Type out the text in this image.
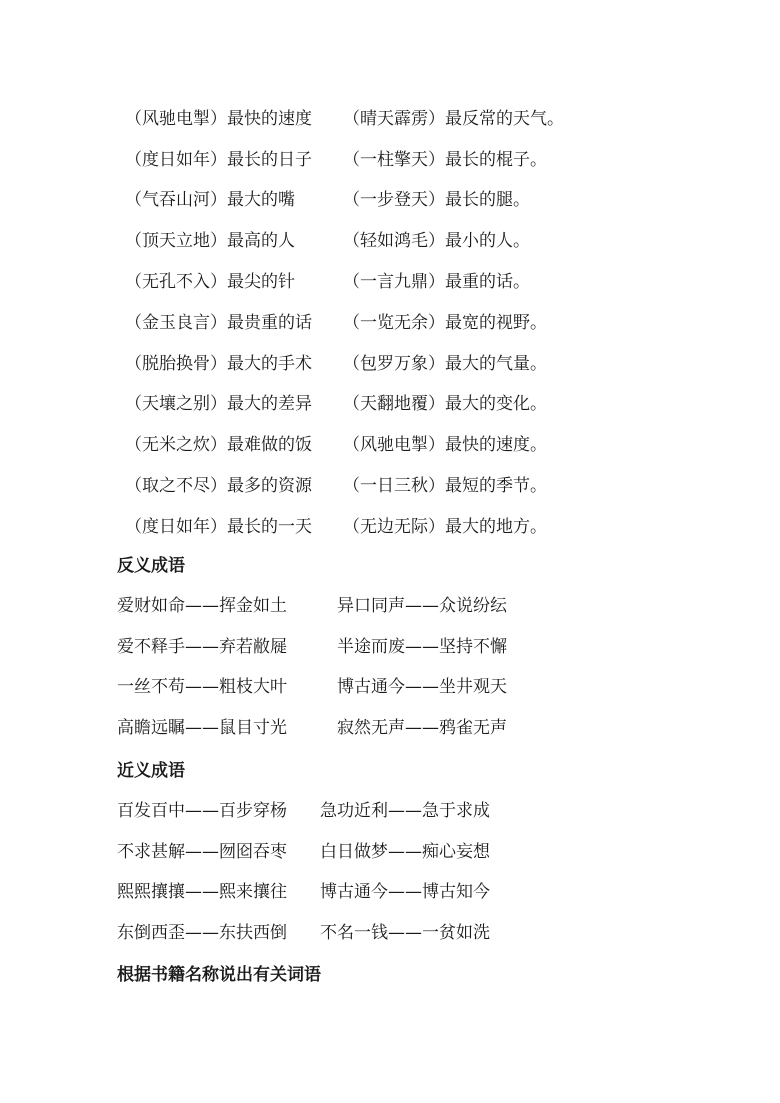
（风驰电掣）最快的速度	（晴天霹雳）最反常的天气。
（度日如年）最长的日子	（一柱擎天）最长的棍子。
（气吞山河）最大的嘴	（一步登天）最长的腿。
（顶天立地）最高的人	（轻如鸿毛）最小的人。
（无孔不入）最尖的针	（一言九鼎）最重的话。
（金玉良言）最贵重的话	（一览无余）最宽的视野。
（脱胎换骨）最大的手术	（包罗万象）最大的气量。
（天壤之别）最大的差异	（天翻地覆）最大的变化。
（无米之炊）最难做的饭	（风驰电掣）最快的速度。
（取之不尽）最多的资源	（一日三秋）最短的季节。
（度日如年）最长的一天	（无边无际）最大的地方。
反义成语
爱财如命——挥金如土	异口同声——众说纷纭
爱不释手——弃若敝屣	半途而废——坚持不懈
一丝不苟——粗枝大叶	博古通今——坐井观天
高瞻远瞩——鼠目寸光	寂然无声——鸦雀无声
近义成语
百发百中——百步穿杨	急功近利——急于求成
不求甚解——囫囵吞枣	白日做梦——痴心妄想
熙熙攘攘——熙来攘往	博古通今——博古知今
东倒西歪——东扶西倒	不名一钱——一贫如洗
根据书籍名称说出有关词语
